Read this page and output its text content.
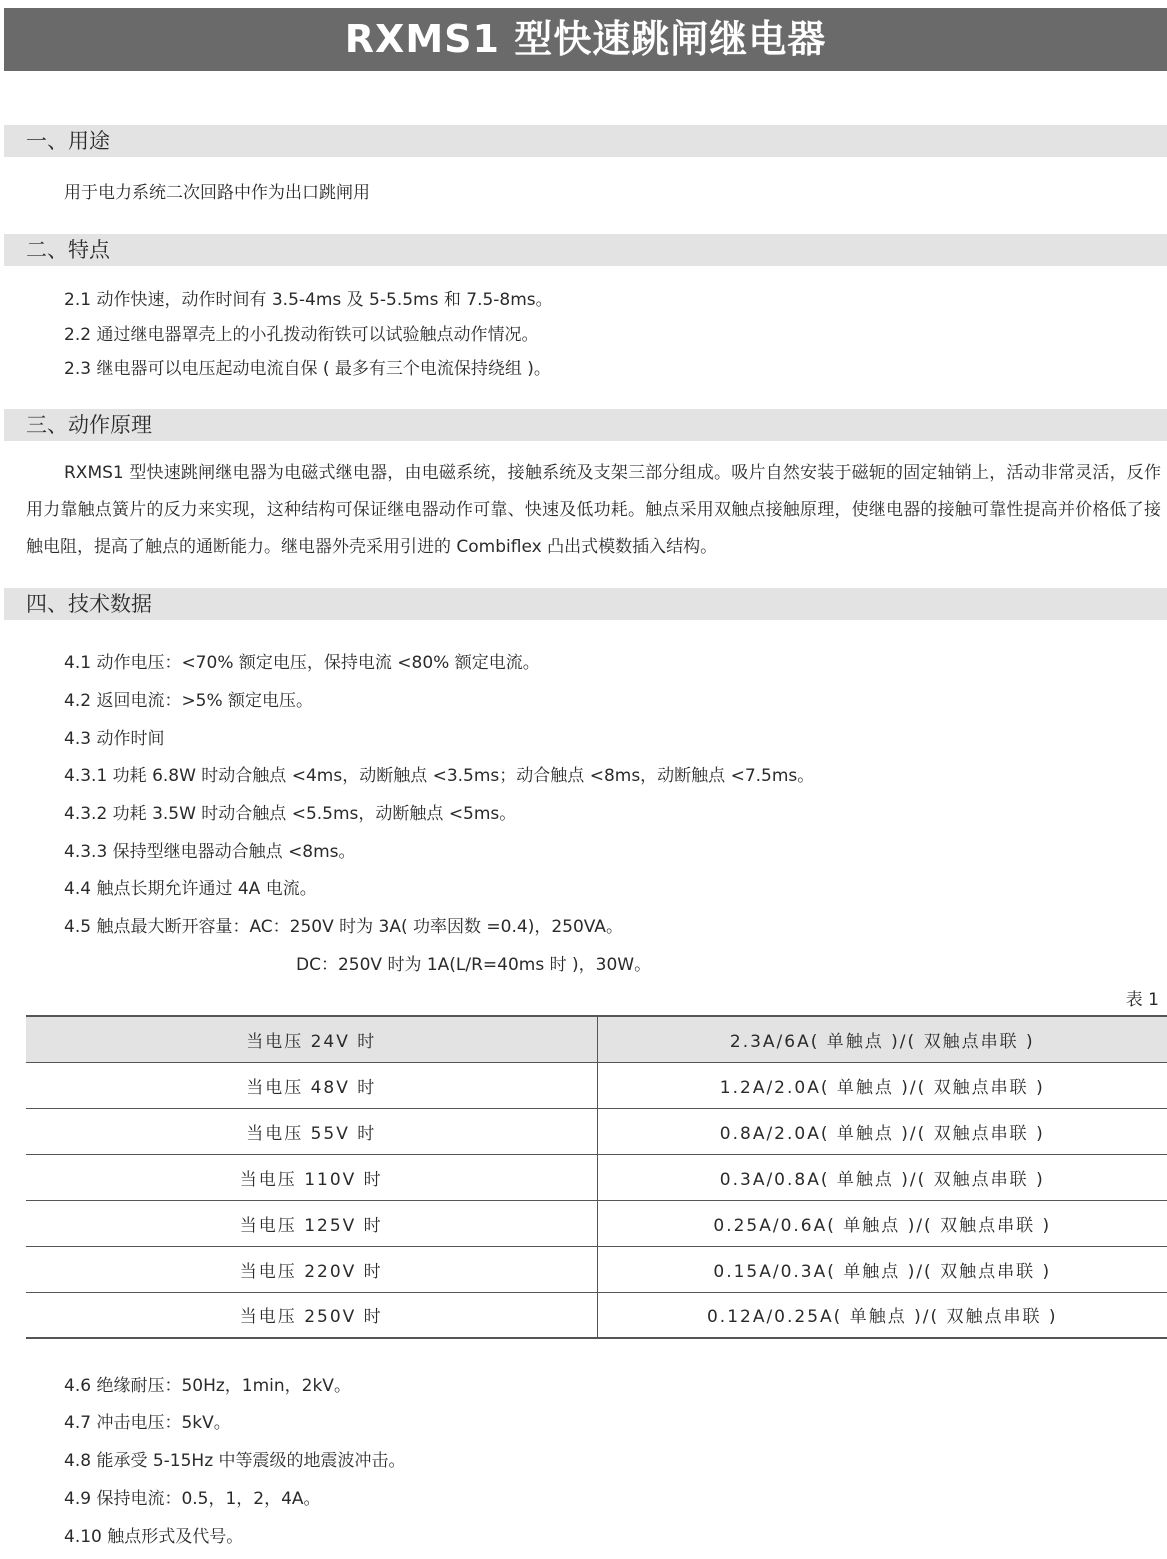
RXMS1 型快速跳闸继电器
一、用途
用于电力系统二次回路中作为出口跳闸用
二、特点
2.1 动作快速，动作时间有 3.5-4ms 及 5-5.5ms 和 7.5-8ms。
2.2 通过继电器罩壳上的小孔拨动衔铁可以试验触点动作情况。
2.3 继电器可以电压起动电流自保 ( 最多有三个电流保持绕组 )。
三、动作原理
RXMS1 型快速跳闸继电器为电磁式继电器，由电磁系统，接触系统及支架三部分组成。吸片自然安装于磁轭的固定轴销上，活动非常灵活，反作用力靠触点簧片的反力来实现，这种结构可保证继电器动作可靠、快速及低功耗。触点采用双触点接触原理，使继电器的接触可靠性提高并价格低了接触电阻，提高了触点的通断能力。继电器外壳采用引进的 Combiflex 凸出式模数插入结构。
四、技术数据
4.1 动作电压：<70% 额定电压，保持电流 <80% 额定电流。
4.2 返回电流：>5% 额定电压。
4.3 动作时间
4.3.1 功耗 6.8W 时动合触点 <4ms，动断触点 <3.5ms；动合触点 <8ms，动断触点 <7.5ms。
4.3.2 功耗 3.5W 时动合触点 <5.5ms，动断触点 <5ms。
4.3.3 保持型继电器动合触点 <8ms。
4.4 触点长期允许通过 4A 电流。
4.5 触点最大断开容量：AC：250V 时为 3A( 功率因数 =0.4)，250VA。
DC：250V 时为 1A(L/R=40ms 时 )，30W。
表 1
当电压 24V 时	2.3A/6A( 单触点 )/( 双触点串联 )
当电压 48V 时	1.2A/2.0A( 单触点 )/( 双触点串联 )
当电压 55V 时	0.8A/2.0A( 单触点 )/( 双触点串联 )
当电压 110V 时	0.3A/0.8A( 单触点 )/( 双触点串联 )
当电压 125V 时	0.25A/0.6A( 单触点 )/( 双触点串联 )
当电压 220V 时	0.15A/0.3A( 单触点 )/( 双触点串联 )
当电压 250V 时	0.12A/0.25A( 单触点 )/( 双触点串联 )
4.6 绝缘耐压：50Hz，1min，2kV。
4.7 冲击电压：5kV。
4.8 能承受 5-15Hz 中等震级的地震波冲击。
4.9 保持电流：0.5，1，2，4A。
4.10 触点形式及代号。
